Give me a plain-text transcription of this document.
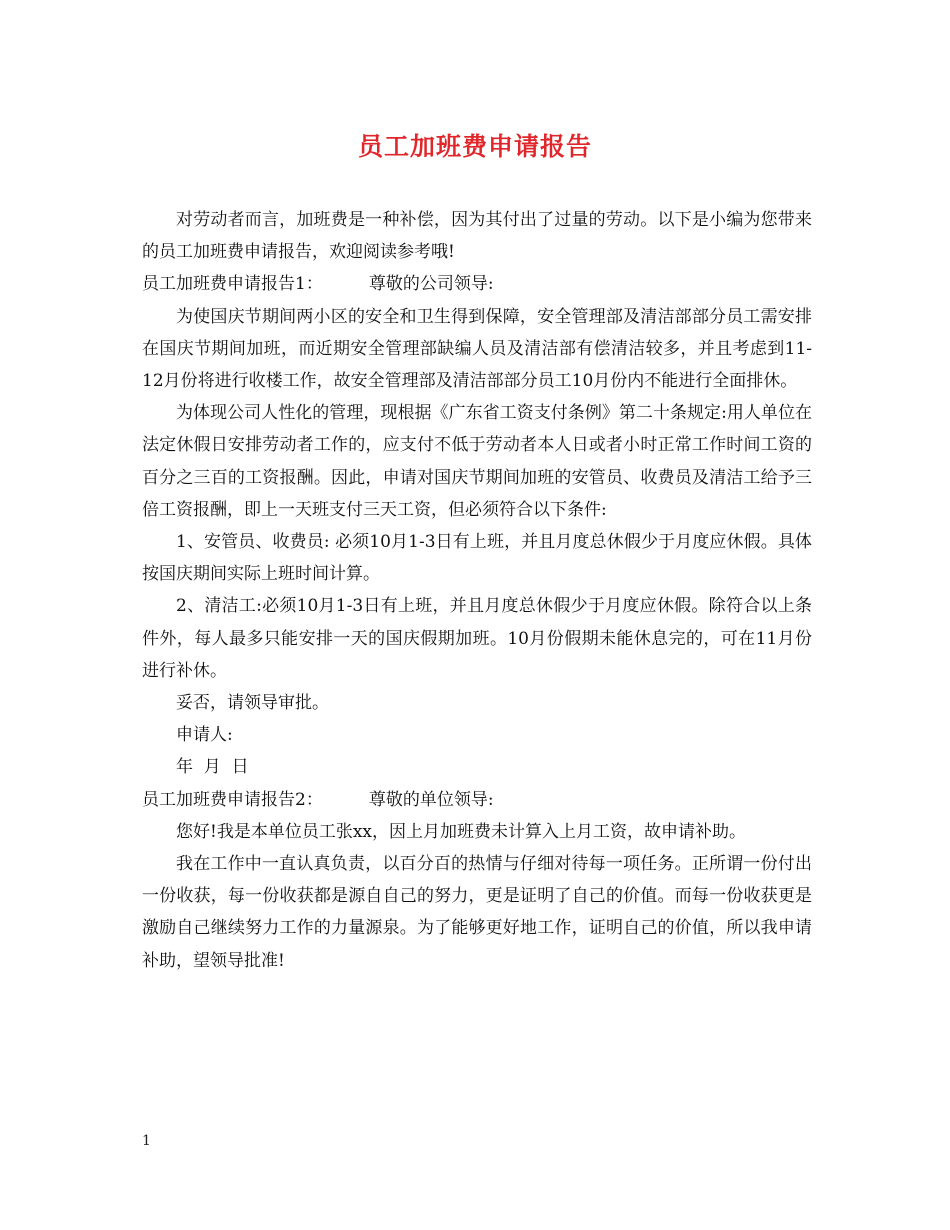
员工加班费申请报告

对劳动者而言，加班费是一种补偿，因为其付出了过量的劳动。以下是小编为您带来的员工加班费申请报告，欢迎阅读参考哦!

员工加班费申请报告1：	尊敬的公司领导:

为使国庆节期间两小区的安全和卫生得到保障，安全管理部及清洁部部分员工需安排在国庆节期间加班，而近期安全管理部缺编人员及清洁部有偿清洁较多，并且考虑到11-12月份将进行收楼工作，故安全管理部及清洁部部分员工10月份内不能进行全面排休。

为体现公司人性化的管理，现根据《广东省工资支付条例》第二十条规定:用人单位在法定休假日安排劳动者工作的，应支付不低于劳动者本人日或者小时正常工作时间工资的百分之三百的工资报酬。因此，申请对国庆节期间加班的安管员、收费员及清洁工给予三倍工资报酬，即上一天班支付三天工资，但必须符合以下条件:

1、安管员、收费员: 必须10月1-3日有上班，并且月度总休假少于月度应休假。具体按国庆期间实际上班时间计算。

2、清洁工:必须10月1-3日有上班，并且月度总休假少于月度应休假。除符合以上条件外，每人最多只能安排一天的国庆假期加班。10月份假期未能休息完的，可在11月份进行补休。

妥否，请领导审批。

申请人:

年  月  日

员工加班费申请报告2：	尊敬的单位领导:

您好!我是本单位员工张xx，因上月加班费未计算入上月工资，故申请补助。

我在工作中一直认真负责，以百分百的热情与仔细对待每一项任务。正所谓一份付出一份收获，每一份收获都是源自自己的努力，更是证明了自己的价值。而每一份收获更是激励自己继续努力工作的力量源泉。为了能够更好地工作，证明自己的价值，所以我申请补助，望领导批准!

1
